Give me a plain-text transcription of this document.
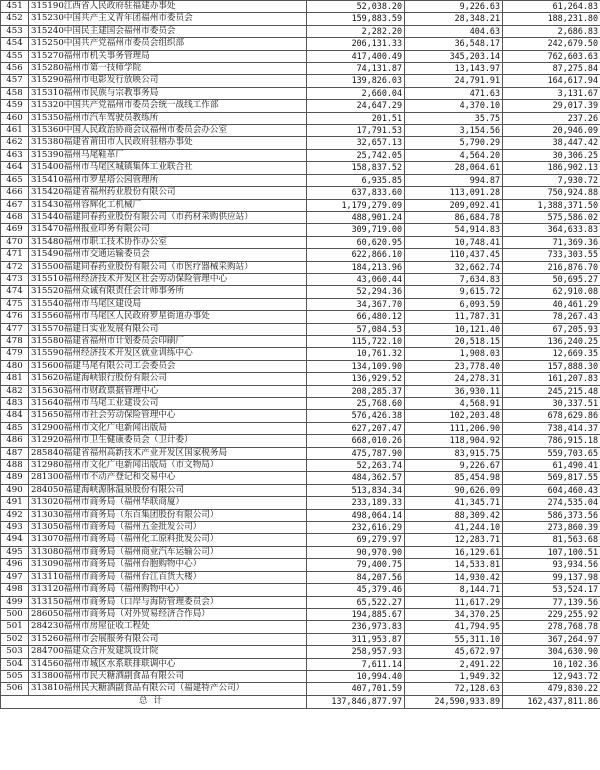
451	315190江西省人民政府驻福建办事处	52,038.20	9,226.63	61,264.83
452	315230中国共产主义青年团福州市委员会	159,883.59	28,348.21	188,231.80
453	315240中国民主建国会福州市委员会	2,282.20	404.63	2,686.83
454	315250中国共产党福州市委员会组织部	206,131.33	36,548.17	242,679.50
455	315270福州市机关事务管理局	417,400.49	345,203.14	762,603.63
456	315280福州市第一技师学院	74,131.87	13,143.97	87,275.84
457	315290福州市电影发行放映公司	139,826.03	24,791.91	164,617.94
458	315310福州市民族与宗教事务局	2,660.04	471.63	3,131.67
459	315320中国共产党福州市委员会统一战线工作部	24,647.29	4,370.10	29,017.39
460	315350福州市汽车驾驶员教练所	201.51	35.75	237.26
461	315360中国人民政治协商会议福州市委员会办公室	17,791.53	3,154.56	20,946.09
462	315380福建省莆田市人民政府驻榕办事处	32,657.13	5,790.29	38,447.42
463	315390福州马尾鞋革厂	25,742.05	4,564.20	30,306.25
464	315400福州市马尾区城镇集体工业联合社	158,837.52	28,064.61	186,902.13
465	315410福州市罗星塔公园管理所	6,935.85	994.87	7,930.72
466	315420福建省福州药业股份有限公司	637,833.60	113,091.28	750,924.88
467	315430福州容辉化工机械厂	1,179,279.09	209,092.41	1,388,371.50
468	315440福建同春药业股份有限公司（市药材采购供应站）	488,901.24	86,684.78	575,586.02
469	315470福州报业印务有限公司	309,719.00	54,914.83	364,633.83
470	315480福州市职工技术协作办公室	60,620.95	10,748.41	71,369.36
471	315490福州市交通运输委员会	622,866.10	110,437.45	733,303.55
472	315500福建同春药业股份有限公司（市医疗器械采购站）	184,213.96	32,662.74	216,876.70
473	315510福州经济技术开发区社会劳动保险管理中心	43,060.44	7,634.83	50,695.27
474	315520福州众诚有限责任会计师事务所	52,294.36	9,615.72	62,910.08
475	315540福州市马尾区建设局	34,367.70	6,093.59	40,461.29
476	315560福州市马尾区人民政府罗星街道办事处	66,480.12	11,787.31	78,267.43
477	315570福建日实业发展有限公司	57,084.53	10,121.40	67,205.93
478	315580福建省福州市计划委员会印刷厂	115,722.10	20,518.15	136,240.25
479	315590福州经济技术开发区就业训练中心	10,761.32	1,908.03	12,669.35
480	315600福建马尾有限公司工会委员会	134,109.90	23,778.40	157,888.30
481	315620福建海峡银行股份有限公司	136,929.52	24,278.31	161,207.83
482	315630福州市财政票据管理中心	208,285.37	36,930.11	245,215.48
483	315640福州市马尾工业建设公司	25,768.60	4,568.91	30,337.51
484	315650福州市社会劳动保险管理中心	576,426.38	102,203.48	678,629.86
485	312900福州市文化广电新闻出版局	627,207.47	111,206.90	738,414.37
486	312920福州市卫生健康委员会（卫计委）	668,010.26	118,904.92	786,915.18
487	285840福建省福州高新技术产业开发区国家税务局	475,787.90	83,915.75	559,703.65
488	312980福州市文化广电新闻出版局（市文物局）	52,263.74	9,226.67	61,490.41
489	281300福州市不动产登记和交易中心	484,362.57	85,454.98	569,817.55
490	284050福建海峡源脉温泉股份有限公司	513,834.34	90,626.09	604,460.43
491	313020福州市商务局（福州华联商厦）	233,189.33	41,345.71	274,535.04
492	313030福州市商务局（东百集团股份有限公司）	498,064.14	88,309.42	586,373.56
493	313050福州市商务局（福州五金批发公司）	232,616.29	41,244.10	273,860.39
494	313070福州市商务局（福州化工原料批发公司）	69,279.97	12,283.71	81,563.68
495	313080福州市商务局（福州商业汽车运输公司）	90,970.90	16,129.61	107,100.51
496	313090福州市商务局（福州台胞购物中心）	79,400.75	14,533.81	93,934.56
497	313110福州市商务局（福州台江百货大楼）	84,207.56	14,930.42	99,137.98
498	313120福州市商务局（福州购物中心）	45,379.46	8,144.71	53,524.17
499	313150福州市商务局（口岸与海防管理委员会）	65,522.27	11,617.29	77,139.56
500	286050福州市商务局（对外贸易经济合作局）	194,885.67	34,370.25	229,255.92
501	284230福州市房屋征收工程处	236,973.83	41,794.95	278,768.78
502	315260福州市会展服务有限公司	311,953.87	55,311.10	367,264.97
503	284700福建众合开发建筑设计院	258,957.93	45,672.97	304,630.90
504	314560福州市城区水系联排联调中心	7,611.14	2,491.22	10,102.36
505	313800福州市民天糖酒副食品有限公司	10,994.40	1,949.32	12,943.72
506	313810福州民天糖酒副食品有限公司（福建特产公司）	407,701.59	72,128.63	479,830.22
总计		137,846,877.97	24,590,933.89	162,437,811.86
